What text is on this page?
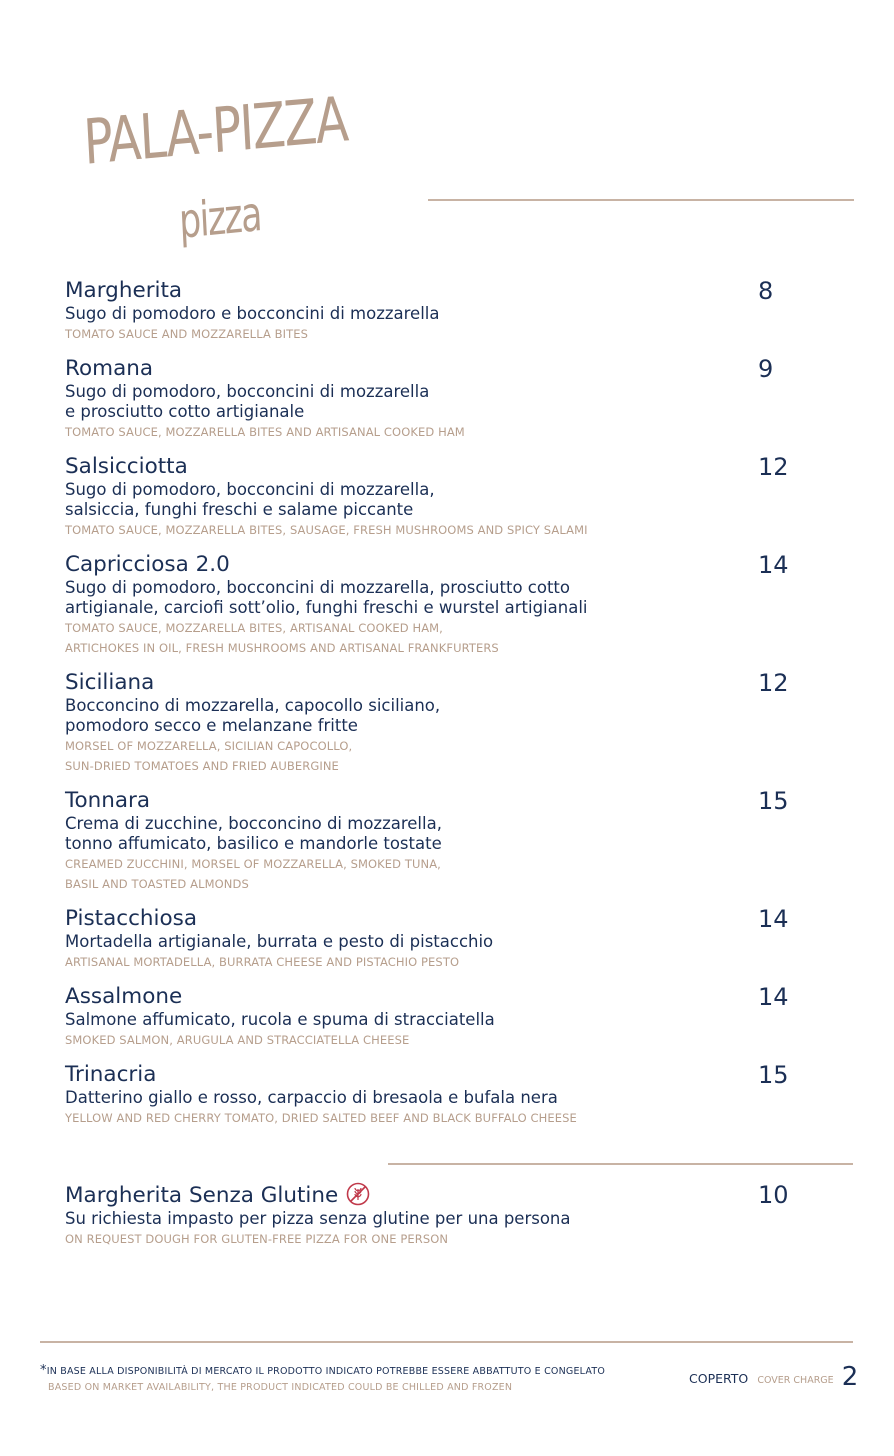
PALA-PIZZA
pizza
Margherita	8
Sugo di pomodoro e bocconcini di mozzarella
TOMATO SAUCE AND MOZZARELLA BITES
Romana	9
Sugo di pomodoro, bocconcini di mozzarella
e prosciutto cotto artigianale
TOMATO SAUCE, MOZZARELLA BITES AND ARTISANAL COOKED HAM
Salsicciotta	12
Sugo di pomodoro, bocconcini di mozzarella,
salsiccia, funghi freschi e salame piccante
TOMATO SAUCE, MOZZARELLA BITES, SAUSAGE, FRESH MUSHROOMS AND SPICY SALAMI
Capricciosa 2.0	14
Sugo di pomodoro, bocconcini di mozzarella, prosciutto cotto
artigianale, carciofi sott’olio, funghi freschi e wurstel artigianali
TOMATO SAUCE, MOZZARELLA BITES, ARTISANAL COOKED HAM,
ARTICHOKES IN OIL, FRESH MUSHROOMS AND ARTISANAL FRANKFURTERS
Siciliana	12
Bocconcino di mozzarella, capocollo siciliano,
pomodoro secco e melanzane fritte
MORSEL OF MOZZARELLA, SICILIAN CAPOCOLLO,
SUN-DRIED TOMATOES AND FRIED AUBERGINE
Tonnara	15
Crema di zucchine, bocconcino di mozzarella,
tonno affumicato, basilico e mandorle tostate
CREAMED ZUCCHINI, MORSEL OF MOZZARELLA, SMOKED TUNA,
BASIL AND TOASTED ALMONDS
Pistacchiosa	14
Mortadella artigianale, burrata e pesto di pistacchio
ARTISANAL MORTADELLA, BURRATA CHEESE AND PISTACHIO PESTO
Assalmone	14
Salmone affumicato, rucola e spuma di stracciatella
SMOKED SALMON, ARUGULA AND STRACCIATELLA CHEESE
Trinacria	15
Datterino giallo e rosso, carpaccio di bresaola e bufala nera
YELLOW AND RED CHERRY TOMATO, DRIED SALTED BEEF AND BLACK BUFFALO CHEESE
Margherita Senza Glutine	10
Su richiesta impasto per pizza senza glutine per una persona
ON REQUEST DOUGH FOR GLUTEN-FREE PIZZA FOR ONE PERSON
*IN BASE ALLA DISPONIBILITÀ DI MERCATO IL PRODOTTO INDICATO POTREBBE ESSERE ABBATTUTO E CONGELATO
BASED ON MARKET AVAILABILITY, THE PRODUCT INDICATED COULD BE CHILLED AND FROZEN
COPERTO COVER CHARGE 2
